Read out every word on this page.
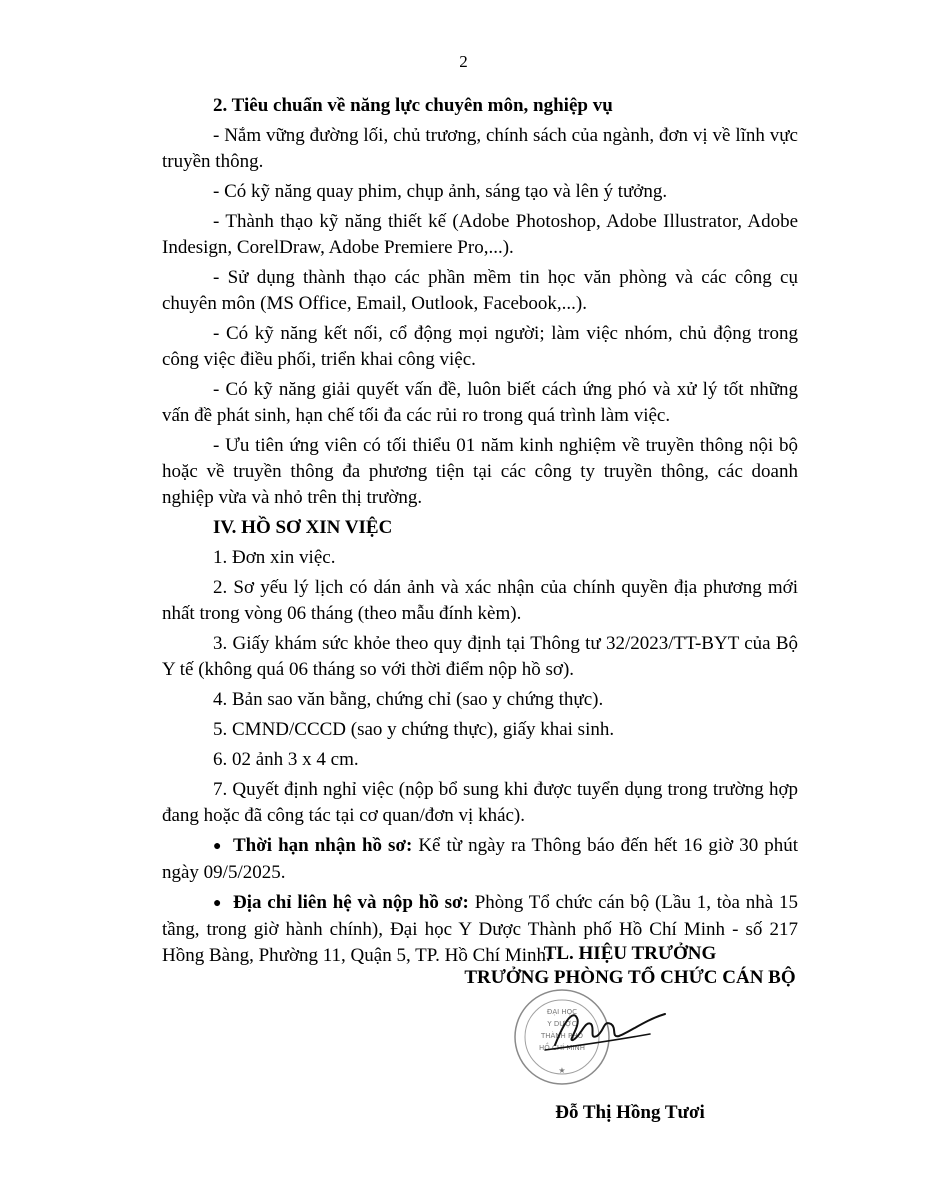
2

2. Tiêu chuẩn về năng lực chuyên môn, nghiệp vụ

- Nắm vững đường lối, chủ trương, chính sách của ngành, đơn vị về lĩnh vực truyền thông.

- Có kỹ năng quay phim, chụp ảnh, sáng tạo và lên ý tưởng.

- Thành thạo kỹ năng thiết kế (Adobe Photoshop, Adobe Illustrator, Adobe Indesign, CorelDraw, Adobe Premiere Pro,...).

- Sử dụng thành thạo các phần mềm tin học văn phòng và các công cụ chuyên môn (MS Office, Email, Outlook, Facebook,...).

- Có kỹ năng kết nối, cổ động mọi người; làm việc nhóm, chủ động trong công việc điều phối, triển khai công việc.

- Có kỹ năng giải quyết vấn đề, luôn biết cách ứng phó và xử lý tốt những vấn đề phát sinh, hạn chế tối đa các rủi ro trong quá trình làm việc.

- Ưu tiên ứng viên có tối thiểu 01 năm kinh nghiệm về truyền thông nội bộ hoặc về truyền thông đa phương tiện tại các công ty truyền thông, các doanh nghiệp vừa và nhỏ trên thị trường.

IV. HỒ SƠ XIN VIỆC

1. Đơn xin việc.

2. Sơ yếu lý lịch có dán ảnh và xác nhận của chính quyền địa phương mới nhất trong vòng 06 tháng (theo mẫu đính kèm).

3. Giấy khám sức khỏe theo quy định tại Thông tư 32/2023/TT-BYT của Bộ Y tế (không quá 06 tháng so với thời điểm nộp hồ sơ).

4. Bản sao văn bằng, chứng chỉ (sao y chứng thực).

5. CMND/CCCD (sao y chứng thực), giấy khai sinh.

6. 02 ảnh 3 x 4 cm.

7. Quyết định nghỉ việc (nộp bổ sung khi được tuyển dụng trong trường hợp đang hoặc đã công tác tại cơ quan/đơn vị khác).

● Thời hạn nhận hồ sơ: Kể từ ngày ra Thông báo đến hết 16 giờ 30 phút ngày 09/5/2025.

● Địa chỉ liên hệ và nộp hồ sơ: Phòng Tổ chức cán bộ (Lầu 1, tòa nhà 15 tầng, trong giờ hành chính), Đại học Y Dược Thành phố Hồ Chí Minh - số 217 Hồng Bàng, Phường 11, Quận 5, TP. Hồ Chí Minh.

TL. HIỆU TRƯỞNG
TRƯỞNG PHÒNG TỔ CHỨC CÁN BỘ
ĐẠI HỌC
Y DƯỢC
THÀNH PHỐ
HỒ CHÍ MINH
★
Đỗ Thị Hồng Tươi
